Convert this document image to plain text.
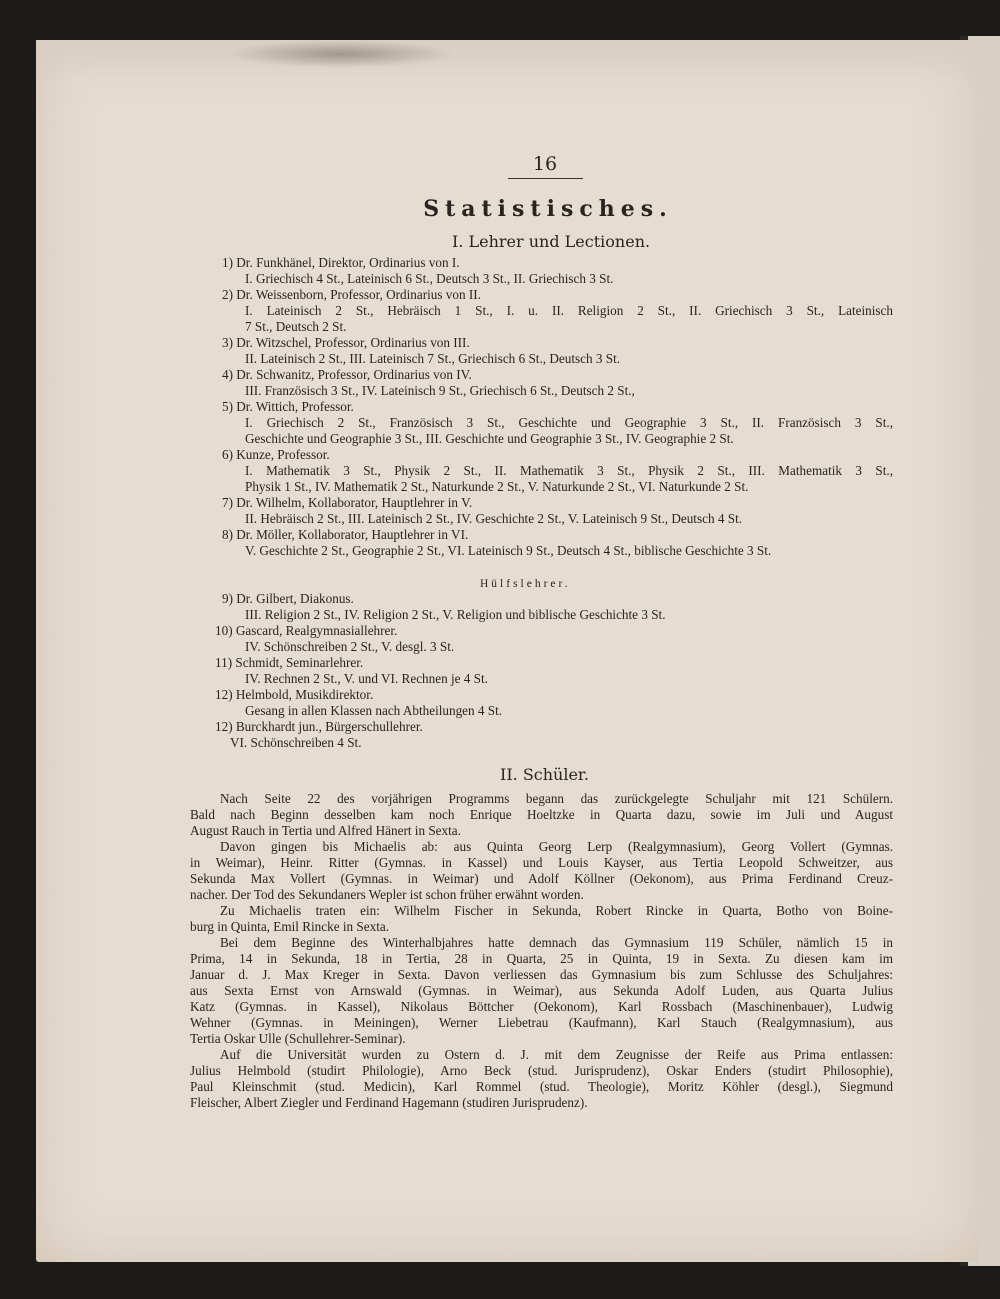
16
Statistisches.
I. Lehrer und Lectionen.
1) Dr. Funkhänel, Direktor, Ordinarius von I.
I. Griechisch 4 St., Lateinisch 6 St., Deutsch 3 St., II. Griechisch 3 St.
2) Dr. Weissenborn, Professor, Ordinarius von II.
I. Lateinisch 2 St., Hebräisch 1 St., I. u. II. Religion 2 St., II. Griechisch 3 St., Lateinisch
7 St., Deutsch 2 St.
3) Dr. Witzschel, Professor, Ordinarius von III.
II. Lateinisch 2 St., III. Lateinisch 7 St., Griechisch 6 St., Deutsch 3 St.
4) Dr. Schwanitz, Professor, Ordinarius von IV.
III. Französisch 3 St., IV. Lateinisch 9 St., Griechisch 6 St., Deutsch 2 St.,
5) Dr. Wittich, Professor.
I. Griechisch 2 St., Französisch 3 St., Geschichte und Geographie 3 St., II. Französisch 3 St.,
Geschichte und Geographie 3 St., III. Geschichte und Geographie 3 St., IV. Geographie 2 St.
6) Kunze, Professor.
I. Mathematik 3 St., Physik 2 St., II. Mathematik 3 St., Physik 2 St., III. Mathematik 3 St.,
Physik 1 St., IV. Mathematik 2 St., Naturkunde 2 St., V. Naturkunde 2 St., VI. Naturkunde 2 St.
7) Dr. Wilhelm, Kollaborator, Hauptlehrer in V.
II. Hebräisch 2 St., III. Lateinisch 2 St., IV. Geschichte 2 St., V. Lateinisch 9 St., Deutsch 4 St.
8) Dr. Möller, Kollaborator, Hauptlehrer in VI.
V. Geschichte 2 St., Geographie 2 St., VI. Lateinisch 9 St., Deutsch 4 St., biblische Geschichte 3 St.
Hülfslehrer.
9) Dr. Gilbert, Diakonus.
III. Religion 2 St., IV. Religion 2 St., V. Religion und biblische Geschichte 3 St.
10) Gascard, Realgymnasiallehrer.
IV. Schönschreiben 2 St., V. desgl. 3 St.
11) Schmidt, Seminarlehrer.
IV. Rechnen 2 St., V. und VI. Rechnen je 4 St.
12) Helmbold, Musikdirektor.
Gesang in allen Klassen nach Abtheilungen 4 St.
12) Burckhardt jun., Bürgerschullehrer.
VI. Schönschreiben 4 St.
II. Schüler.
Nach Seite 22 des vorjährigen Programms begann das zurückgelegte Schuljahr mit 121 Schülern.
Bald nach Beginn desselben kam noch Enrique Hoeltzke in Quarta dazu, sowie im Juli und August
August Rauch in Tertia und Alfred Hänert in Sexta.
Davon gingen bis Michaelis ab: aus Quinta Georg Lerp (Realgymnasium), Georg Vollert (Gymnas.
in Weimar), Heinr. Ritter (Gymnas. in Kassel) und Louis Kayser, aus Tertia Leopold Schweitzer, aus
Sekunda Max Vollert (Gymnas. in Weimar) und Adolf Köllner (Oekonom), aus Prima Ferdinand Creuz-
nacher. Der Tod des Sekundaners Wepler ist schon früher erwähnt worden.
Zu Michaelis traten ein: Wilhelm Fischer in Sekunda, Robert Rincke in Quarta, Botho von Boine-
burg in Quinta, Emil Rincke in Sexta.
Bei dem Beginne des Winterhalbjahres hatte demnach das Gymnasium 119 Schüler, nämlich 15 in
Prima, 14 in Sekunda, 18 in Tertia, 28 in Quarta, 25 in Quinta, 19 in Sexta. Zu diesen kam im
Januar d. J. Max Kreger in Sexta. Davon verliessen das Gymnasium bis zum Schlusse des Schuljahres:
aus Sexta Ernst von Arnswald (Gymnas. in Weimar), aus Sekunda Adolf Luden, aus Quarta Julius
Katz (Gymnas. in Kassel), Nikolaus Böttcher (Oekonom), Karl Rossbach (Maschinenbauer), Ludwig
Wehner (Gymnas. in Meiningen), Werner Liebetrau (Kaufmann), Karl Stauch (Realgymnasium), aus
Tertia Oskar Ulle (Schullehrer-Seminar).
Auf die Universität wurden zu Ostern d. J. mit dem Zeugnisse der Reife aus Prima entlassen:
Julius Helmbold (studirt Philologie), Arno Beck (stud. Jurisprudenz), Oskar Enders (studirt Philosophie),
Paul Kleinschmit (stud. Medicin), Karl Rommel (stud. Theologie), Moritz Köhler (desgl.), Siegmund
Fleischer, Albert Ziegler und Ferdinand Hagemann (studiren Jurisprudenz).
